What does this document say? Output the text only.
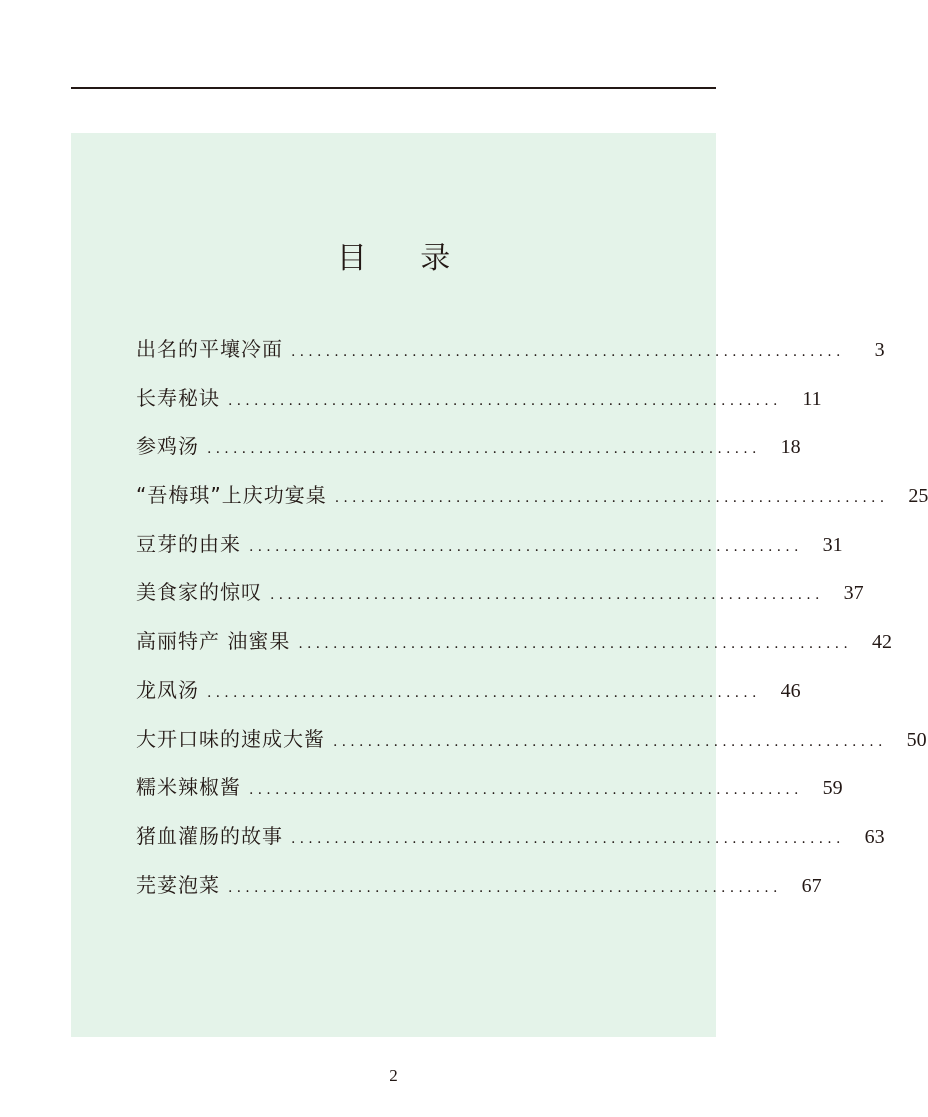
目 录
出名的平壤冷面 ................................................................	3
长寿秘诀 ................................................................	11
参鸡汤 ................................................................	18
“吾梅琪”上庆功宴桌 ................................................................	25
豆芽的由来 ................................................................	31
美食家的惊叹 ................................................................	37
高丽特产 油蜜果 ................................................................	42
龙凤汤 ................................................................	46
大开口味的速成大酱 ................................................................	50
糯米辣椒酱 ................................................................	59
猪血灌肠的故事 ................................................................	63
芫荽泡菜 ................................................................	67
2
